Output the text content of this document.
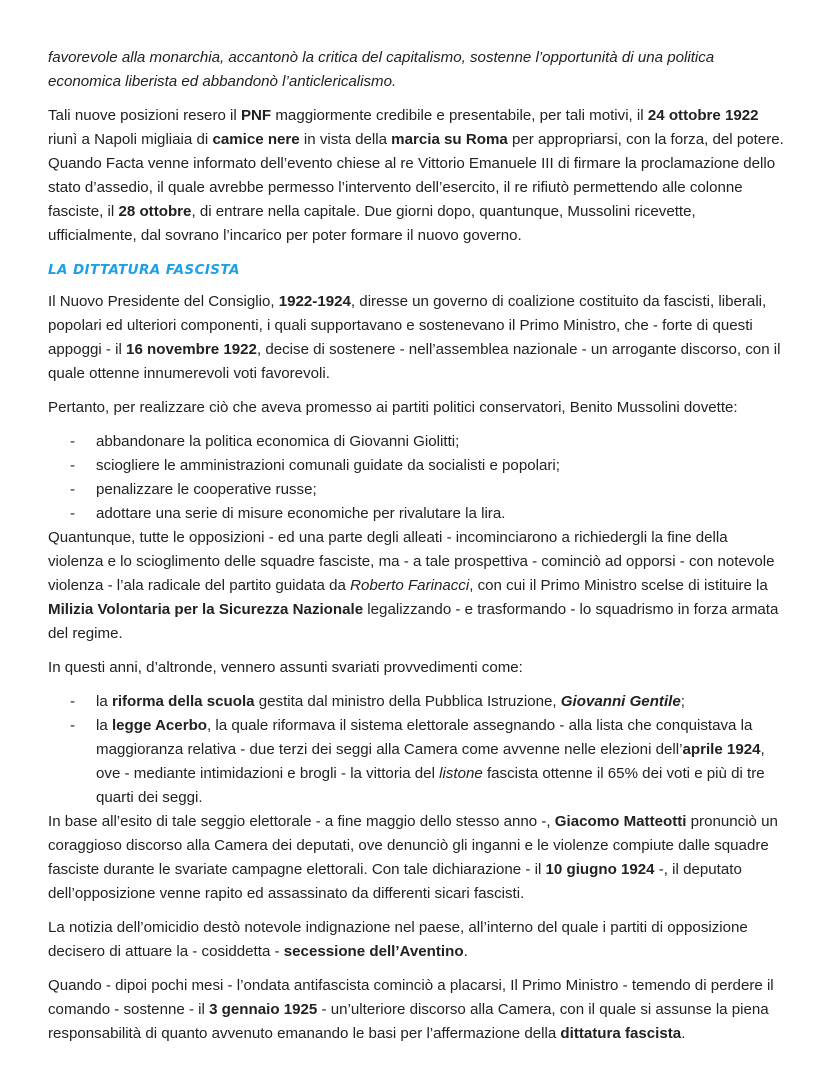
favorevole alla monarchia, accantonò la critica del capitalismo, sostenne l’opportunità di una politica economica liberista ed abbandonò l’anticlericalismo.

Tali nuove posizioni resero il PNF maggiormente credibile e presentabile, per tali motivi, il 24 ottobre 1922 riunì a Napoli migliaia di camice nere in vista della marcia su Roma per appropriarsi, con la forza, del potere. Quando Facta venne informato dell’evento chiese al re Vittorio Emanuele III di firmare la proclamazione dello stato d’assedio, il quale avrebbe permesso l’intervento dell’esercito, il re rifiutò permettendo alle colonne fasciste, il 28 ottobre, di entrare nella capitale. Due giorni dopo, quantunque, Mussolini ricevette, ufficialmente, dal sovrano l’incarico per poter formare il nuovo governo.

LA DITTATURA FASCISTA

Il Nuovo Presidente del Consiglio, 1922-1924, diresse un governo di coalizione costituito da fascisti, liberali, popolari ed ulteriori componenti, i quali supportavano e sostenevano il Primo Ministro, che - forte di questi appoggi - il 16 novembre 1922, decise di sostenere - nell’assemblea nazionale - un arrogante discorso, con il quale ottenne innumerevoli voti favorevoli.

Pertanto, per realizzare ciò che aveva promesso ai partiti politici conservatori, Benito Mussolini dovette:

- abbandonare la politica economica di Giovanni Giolitti;
- sciogliere le amministrazioni comunali guidate da socialisti e popolari;
- penalizzare le cooperative russe;
- adottare una serie di misure economiche per rivalutare la lira.

Quantunque, tutte le opposizioni - ed una parte degli alleati - incominciarono a richiedergli la fine della violenza e lo scioglimento delle squadre fasciste, ma - a tale prospettiva - cominciò ad opporsi - con notevole violenza - l’ala radicale del partito guidata da Roberto Farinacci, con cui il Primo Ministro scelse di istituire la Milizia Volontaria per la Sicurezza Nazionale legalizzando - e trasformando - lo squadrismo in forza armata del regime.

In questi anni, d’altronde, vennero assunti svariati provvedimenti come:

- la riforma della scuola gestita dal ministro della Pubblica Istruzione, Giovanni Gentile;
- la legge Acerbo, la quale riformava il sistema elettorale assegnando - alla lista che conquistava la maggioranza relativa - due terzi dei seggi alla Camera come avvenne nelle elezioni dell’aprile 1924, ove - mediante intimidazioni e brogli - la vittoria del listone fascista ottenne il 65% dei voti e più di tre quarti dei seggi.

In base all’esito di tale seggio elettorale - a fine maggio dello stesso anno -, Giacomo Matteotti pronunciò un coraggioso discorso alla Camera dei deputati, ove denunciò gli inganni e le violenze compiute dalle squadre fasciste durante le svariate campagne elettorali. Con tale dichiarazione - il 10 giugno 1924 -, il deputato dell’opposizione venne rapito ed assassinato da differenti sicari fascisti.

La notizia dell’omicidio destò notevole indignazione nel paese, all’interno del quale i partiti di opposizione decisero di attuare la - cosiddetta - secessione dell’Aventino.

Quando - dipoi pochi mesi - l’ondata antifascista cominciò a placarsi, Il Primo Ministro - temendo di perdere il comando - sostenne - il 3 gennaio 1925 - un’ulteriore discorso alla Camera, con il quale si assunse la piena responsabilità di quanto avvenuto emanando le basi per l’affermazione della dittatura fascista.
